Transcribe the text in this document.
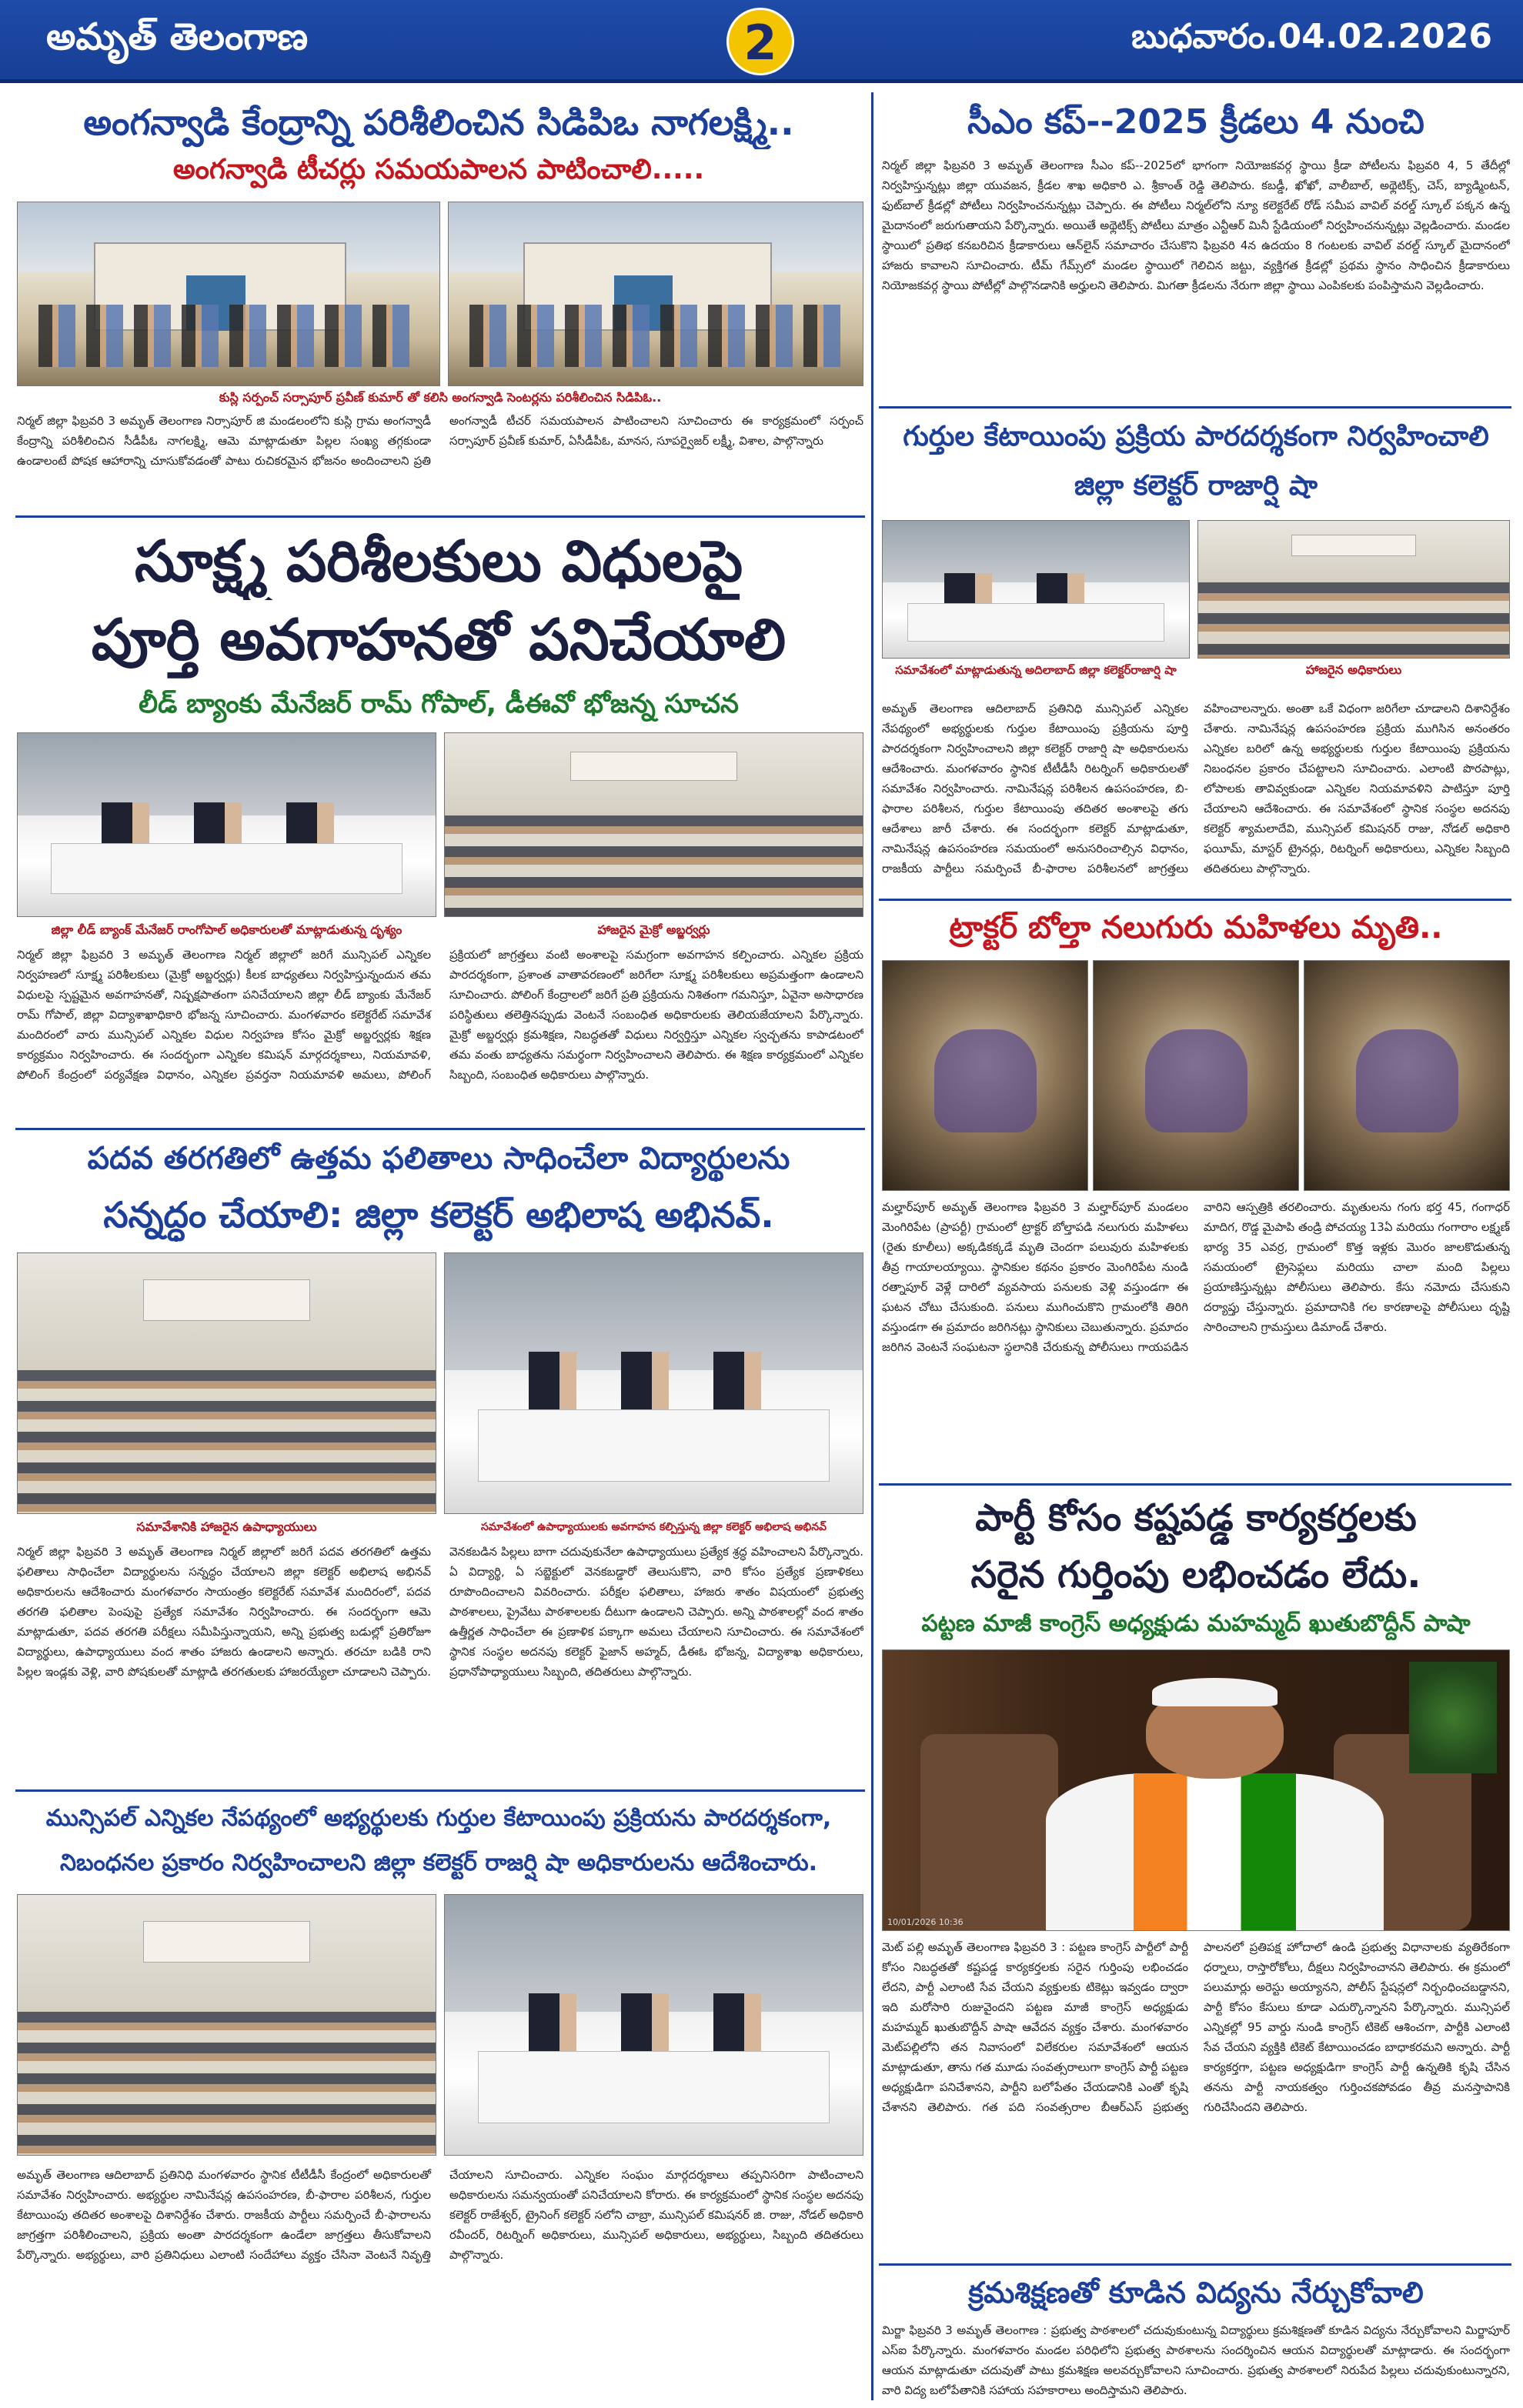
అమృత్ తెలంగాణ	2	బుధవారం.04.02.2026
అంగన్వాడి కేంద్రాన్ని పరిశీలించిన సిడిపిఒ నాగలక్ష్మి..
అంగన్వాడి టీచర్లు సమయపాలన పాటించాలి.....
కుస్లి సర్పంచ్ సర్సాపూర్ ప్రవీణ్ కుమార్ తో కలిసి అంగన్వాడి సెంటర్లను పరిశీలించిన సిడిపిఓ..
నిర్మల్ జిల్లా ఫిబ్రవరి 3 అమృత్ తెలంగాణ నిర్సాపూర్ జి మండలంలోని కుస్లి గ్రామ అంగన్వాడీ కేంద్రాన్ని పరిశీలించిన సీడీపీఓ నాగలక్ష్మి, ఆమె మాట్లాడుతూ పిల్లల సంఖ్య తగ్గకుండా ఉండాలంటే పోషక ఆహారాన్ని చూసుకోవడంతో పాటు రుచికరమైన భోజనం అందించాలని ప్రతి అంగన్వాడీ టీచర్ సమయపాలన పాటించాలని సూచించారు ఈ కార్యక్రమంలో సర్పంచ్ సర్సాపూర్ ప్రవీణ్ కుమార్, ఏసీడీపీఓ, మానస, సూపర్వైజర్ లక్ష్మీ, విశాల, పాల్గొన్నారు
సూక్ష్మ పరిశీలకులు విధులపై
పూర్తి అవగాహనతో పనిచేయాలి
లీడ్ బ్యాంకు మేనేజర్ రామ్ గోపాల్, డీఈవో భోజన్న సూచన
జిల్లా లీడ్ బ్యాంక్ మేనేజర్ రాంగోపాల్ అధికారులతో మాట్లాడుతున్న దృశ్యం	హాజరైన మైక్రో అబ్జర్వర్లు
నిర్మల్ జిల్లా ఫిబ్రవరి 3 అమృత్ తెలంగాణ నిర్మల్ జిల్లాలో జరిగే మున్సిపల్ ఎన్నికల నిర్వహణలో సూక్ష్మ పరిశీలకులు (మైక్రో అబ్జర్వర్లు) కీలక బాధ్యతలు నిర్వహిస్తున్నందున తమ విధులపై స్పష్టమైన అవగాహనతో, నిష్పక్షపాతంగా పనిచేయాలని జిల్లా లీడ్ బ్యాంకు మేనేజర్ రామ్ గోపాల్, జిల్లా విద్యాశాఖాధికారి భోజన్న సూచించారు. మంగళవారం కలెక్టరేట్ సమావేశ మందిరంలో వారు మున్సిపల్ ఎన్నికల విధుల నిర్వహణ కోసం మైక్రో అబ్జర్వర్లకు శిక్షణ కార్యక్రమం నిర్వహించారు. ఈ సందర్భంగా ఎన్నికల కమిషన్ మార్గదర్శకాలు, నియమావళి, పోలింగ్ కేంద్రంలో పర్యవేక్షణ విధానం, ఎన్నికల ప్రవర్తనా నియమావళి అమలు, పోలింగ్ ప్రక్రియలో జాగ్రత్తలు వంటి అంశాలపై సమగ్రంగా అవగాహన కల్పించారు. ఎన్నికల ప్రక్రియ పారదర్శకంగా, ప్రశాంత వాతావరణంలో జరిగేలా సూక్ష్మ పరిశీలకులు అప్రమత్తంగా ఉండాలని సూచించారు. పోలింగ్ కేంద్రాలలో జరిగే ప్రతి ప్రక్రియను నిశితంగా గమనిస్తూ, ఏవైనా అసాధారణ పరిస్థితులు తలెత్తినప్పుడు వెంటనే సంబంధిత అధికారులకు తెలియజేయాలని పేర్కొన్నారు. మైక్రో అబ్జర్వర్లు క్రమశిక్షణ, నిబద్ధతతో విధులు నిర్వర్తిస్తూ ఎన్నికల స్వచ్ఛతను కాపాడటంలో తమ వంతు బాధ్యతను సమర్థంగా నిర్వహించాలని తెలిపారు. ఈ శిక్షణ కార్యక్రమంలో ఎన్నికల సిబ్బంది, సంబంధిత అధికారులు పాల్గొన్నారు.
పదవ తరగతిలో ఉత్తమ ఫలితాలు సాధించేలా విద్యార్థులను
సన్నద్ధం చేయాలి: జిల్లా కలెక్టర్ అభిలాష అభినవ్.
సమావేశానికి హాజరైన ఉపాధ్యాయులు	సమావేశంలో ఉపాధ్యాయులకు అవగాహన కల్పిస్తున్న జిల్లా కలెక్టర్ అభిలాష అభినవ్
నిర్మల్ జిల్లా ఫిబ్రవరి 3 అమృత్ తెలంగాణ నిర్మల్ జిల్లాలో జరిగే పదవ తరగతిలో ఉత్తమ ఫలితాలు సాధించేలా విద్యార్థులను సన్నద్ధం చేయాలని జిల్లా కలెక్టర్ అభిలాష అభినవ్ అధికారులను ఆదేశించారు మంగళవారం సాయంత్రం కలెక్టరేట్ సమావేశ మందిరంలో, పదవ తరగతి ఫలితాల పెంపుపై ప్రత్యేక సమావేశం నిర్వహించారు. ఈ సందర్భంగా ఆమె మాట్లాడుతూ, పదవ తరగతి పరీక్షలు సమీపిస్తున్నాయని, అన్ని ప్రభుత్వ బడుల్లో ప్రతిరోజూ విద్యార్థులు, ఉపాధ్యాయులు వంద శాతం హాజరు ఉండాలని అన్నారు. తరచూ బడికి రాని పిల్లల ఇండ్లకు వెళ్లి, వారి పోషకులతో మాట్లాడి తరగతులకు హాజరయ్యేలా చూడాలని చెప్పారు. వెనకబడిన పిల్లలు బాగా చదువుకునేలా ఉపాధ్యాయులు ప్రత్యేక శ్రద్ధ వహించాలని పేర్కొన్నారు. ఏ విద్యార్థి, ఏ సబ్జెక్టులో వెనకబడ్డారో తెలుసుకొని, వారి కోసం ప్రత్యేక ప్రణాళికలు రూపొందించాలని వివరించారు. పరీక్షల ఫలితాలు, హాజరు శాతం విషయంలో ప్రభుత్వ పాఠశాలలు, ప్రైవేటు పాఠశాలలకు దీటుగా ఉండాలని చెప్పారు. అన్ని పాఠశాలల్లో వంద శాతం ఉత్తీర్ణత సాధించేలా ఈ ప్రణాళిక పక్కాగా అమలు చేయాలని సూచించారు. ఈ సమావేశంలో స్థానిక సంస్థల అదనపు కలెక్టర్ ఫైజాన్ అహ్మద్, డీఈఓ భోజన్న, విద్యాశాఖ అధికారులు, ప్రధానోపాధ్యాయులు సిబ్బంది, తదితరులు పాల్గొన్నారు.
మున్సిపల్ ఎన్నికల నేపథ్యంలో అభ్యర్థులకు గుర్తుల కేటాయింపు ప్రక్రియను పారదర్శకంగా,
నిబంధనల ప్రకారం నిర్వహించాలని జిల్లా కలెక్టర్ రాజర్షి షా అధికారులను ఆదేశించారు.
అమృత్ తెలంగాణ ఆదిలాబాద్ ప్రతినిధి మంగళవారం స్థానిక టీటీడీసీ కేంద్రంలో అధికారులతో సమావేశం నిర్వహించారు. అభ్యర్థుల నామినేషన్ల ఉపసంహరణ, బీ-ఫారాల పరిశీలన, గుర్తుల కేటాయింపు తదితర అంశాలపై దిశానిర్దేశం చేశారు. రాజకీయ పార్టీలు సమర్పించే బీ-ఫారాలను జాగ్రత్తగా పరిశీలించాలని, ప్రక్రియ అంతా పారదర్శకంగా ఉండేలా జాగ్రత్తలు తీసుకోవాలని పేర్కొన్నారు. అభ్యర్థులు, వారి ప్రతినిధులు ఎలాంటి సందేహాలు వ్యక్తం చేసినా వెంటనే నివృత్తి చేయాలని సూచించారు. ఎన్నికల సంఘం మార్గదర్శకాలు తప్పనిసరిగా పాటించాలని అధికారులను సమన్వయంతో పనిచేయాలని కోరారు. ఈ కార్యక్రమంలో స్థానిక సంస్థల అదనపు కలెక్టర్ రాజేశ్వర్, ట్రైనింగ్ కలెక్టర్ సలోని చాబ్రా, మున్సిపల్ కమిషనర్ జి. రాజు, నోడల్ అధికారి రవీందర్, రిటర్నింగ్ అధికారులు, మున్సిపల్ అధికారులు, అభ్యర్థులు, సిబ్బంది తదితరులు పాల్గొన్నారు.
సీఎం కప్--2025 క్రీడలు 4 నుంచి
నిర్మల్ జిల్లా ఫిబ్రవరి 3 అమృత్ తెలంగాణ సీఎం కప్--2025లో భాగంగా నియోజకవర్గ స్థాయి క్రీడా పోటీలను ఫిబ్రవరి 4, 5 తేదీల్లో నిర్వహిస్తున్నట్లు జిల్లా యువజన, క్రీడల శాఖ అధికారి ఎ. శ్రీకాంత్ రెడ్డి తెలిపారు. కబడ్డీ, ఖోఖో, వాలీబాల్, అథ్లెటిక్స్, చెస్, బ్యాడ్మింటన్, ఫుట్‌బాల్ క్రీడల్లో పోటీలు నిర్వహించనున్నట్లు చెప్పారు. ఈ పోటీలు నిర్మల్‌లోని న్యూ కలెక్టరేట్ రోడ్ సమీప వావిల్ వరల్డ్ స్కూల్ పక్కన ఉన్న మైదానంలో జరుగుతాయని పేర్కొన్నారు. అయితే అథ్లెటిక్స్ పోటీలు మాత్రం ఎన్టీఆర్ మినీ స్టేడియంలో నిర్వహించనున్నట్లు వెల్లడించారు. మండల స్థాయిలో ప్రతిభ కనబరిచిన క్రీడాకారులు ఆన్‌లైన్ సమాచారం చేసుకొని ఫిబ్రవరి 4న ఉదయం 8 గంటలకు వావిల్ వరల్డ్ స్కూల్ మైదానంలో హాజరు కావాలని సూచించారు. టీమ్ గేమ్స్‌లో మండల స్థాయిలో గెలిచిన జట్టు, వ్యక్తిగత క్రీడల్లో ప్రథమ స్థానం సాధించిన క్రీడాకారులు నియోజకవర్గ స్థాయి పోటీల్లో పాల్గొనడానికి అర్హులని తెలిపారు. మిగతా క్రీడలను నేరుగా జిల్లా స్థాయి ఎంపికలకు పంపిస్తామని వెల్లడించారు.
గుర్తుల కేటాయింపు ప్రక్రియ పారదర్శకంగా నిర్వహించాలి జిల్లా కలెక్టర్ రాజార్షి షా
సమావేశంలో మాట్లాడుతున్న అదిలాబాద్ జిల్లా కలెక్టర్‌రాజార్షి షా	హాజరైన అధికారులు
అమృత్ తెలంగాణ ఆదిలాబాద్ ప్రతినిధి మున్సిపల్ ఎన్నికల నేపథ్యంలో అభ్యర్థులకు గుర్తుల కేటాయింపు ప్రక్రియను పూర్తి పారదర్శకంగా నిర్వహించాలని జిల్లా కలెక్టర్ రాజార్షి షా అధికారులను ఆదేశించారు. మంగళవారం స్థానిక టీటీడీసీ రిటర్నింగ్ అధికారులతో సమావేశం నిర్వహించారు. నామినేషన్ల పరిశీలన ఉపసంహరణ, బి-ఫారాల పరిశీలన, గుర్తుల కేటాయింపు తదితర అంశాలపై తగు ఆదేశాలు జారీ చేశారు. ఈ సందర్భంగా కలెక్టర్ మాట్లాడుతూ, నామినేషన్ల ఉపసంహరణ సమయంలో అనుసరించాల్సిన విధానం, రాజకీయ పార్టీలు సమర్పించే బీ-ఫారాల పరిశీలనలో జాగ్రత్తలు వహించాలన్నారు. అంతా ఒకే విధంగా జరిగేలా చూడాలని దిశానిర్దేశం చేశారు. నామినేషన్ల ఉపసంహరణ ప్రక్రియ ముగిసిన అనంతరం ఎన్నికల బరిలో ఉన్న అభ్యర్థులకు గుర్తుల కేటాయింపు ప్రక్రియను నిబంధనల ప్రకారం చేపట్టాలని సూచించారు. ఎలాంటి పొరపాట్లు, లోపాలకు తావివ్వకుండా ఎన్నికల నియమావళిని పాటిస్తూ పూర్తి చేయాలని ఆదేశించారు. ఈ సమావేశంలో స్థానిక సంస్థల అదనపు కలెక్టర్ శ్యామలాదేవి, మున్సిపల్ కమిషనర్ రాజు, నోడల్ అధికారి ఫయీమ్, మాస్టర్ ట్రైనర్లు, రిటర్నింగ్ అధికారులు, ఎన్నికల సిబ్బంది తదితరులు పాల్గొన్నారు.
ట్రాక్టర్ బోల్తా నలుగురు మహిళలు మృతి..
మల్హార్‌పూర్ అమృత్ తెలంగాణ ఫిబ్రవరి 3 మల్హార్‌పూర్ మండలం మెంగిరిపేట (ప్రాపర్టీ) గ్రామంలో ట్రాక్టర్ బోల్తాపడి నలుగురు మహిళలు (రైతు కూలీలు) అక్కడికక్కడే మృతి చెందగా పలువురు మహిళలకు తీవ్ర గాయాలయ్యాయి. స్థానికుల కథనం ప్రకారం మెంగిరిపేట నుండి రత్నాపూర్ వెళ్లే దారిలో వ్యవసాయ పనులకు వెళ్లి వస్తుండగా ఈ ఘటన చోటు చేసుకుంది. పనులు ముగించుకొని గ్రామంలోకి తిరిగి వస్తుండగా ఈ ప్రమాదం జరిగినట్లు స్థానికులు చెబుతున్నారు. ప్రమాదం జరిగిన వెంటనే సంఘటనా స్థలానికి చేరుకున్న పోలీసులు గాయపడిన వారిని ఆస్పత్రికి తరలించారు. మృతులను గంగు భర్త 45, గంగాధర్ మాదిగ, రొడ్డ మైపాపి తండ్రి పోచయ్య 13ఏ మరియు గంగారాం లక్ష్మణ్ భార్య 35 ఎవర్ర, గ్రామంలో కొత్త ఇళ్లకు మొరం జాలకొడుతున్న సమయంలో ట్రైసెఫ్లలు మరియు చాలా మంది పిల్లలు ప్రయాణిస్తున్నట్లు పోలీసులు తెలిపారు. కేసు నమోదు చేసుకుని దర్యాప్తు చేస్తున్నారు. ప్రమాదానికి గల కారణాలపై పోలీసులు దృష్టి సారించాలని గ్రామస్తులు డిమాండ్ చేశారు.
పార్టీ కోసం కష్టపడ్డ కార్యకర్తలకు
సరైన గుర్తింపు లభించడం లేదు.
పట్టణ మాజీ కాంగ్రెస్ అధ్యక్షుడు మహమ్మద్ ఖుతుబొద్దీన్ పాషా
10/01/2026 10:36
మెట్ పల్లి అమృత్ తెలంగాణ ఫిబ్రవరి 3 : పట్టణ కాంగ్రెస్ పార్టీలో పార్టీ కోసం నిబద్ధతతో కష్టపడ్డ కార్యకర్తలకు సరైన గుర్తింపు లభించడం లేదని, పార్టీ ఎలాంటి సేవ చేయని వ్యక్తులకు టికెట్లు ఇవ్వడం ద్వారా ఇది మరోసారి రుజువైందని పట్టణ మాజీ కాంగ్రెస్ అధ్యక్షుడు మహమ్మద్ ఖుతుబొద్దీన్ పాషా ఆవేదన వ్యక్తం చేశారు. మంగళవారం మెట్‌పల్లిలోని తన నివాసంలో విలేకరుల సమావేశంలో ఆయన మాట్లాడుతూ, తాను గత మూడు సంవత్సరాలుగా కాంగ్రెస్ పార్టీ పట్టణ అధ్యక్షుడిగా పనిచేశానని, పార్టీని బలోపేతం చేయడానికి ఎంతో కృషి చేశానని తెలిపారు. గత పది సంవత్సరాల బీఆర్ఎస్ ప్రభుత్వ పాలనలో ప్రతిపక్ష హోదాలో ఉండి ప్రభుత్వ విధానాలకు వ్యతిరేకంగా ధర్నాలు, రాస్తారోకోలు, దీక్షలు నిర్వహించానని తెలిపారు. ఈ క్రమంలో పలుమార్లు అరెస్టు అయ్యానని, పోలీస్ స్టేషన్లలో నిర్బంధించబడ్డానని, పార్టీ కోసం కేసులు కూడా ఎదుర్కొన్నానని పేర్కొన్నారు. మున్సిపల్ ఎన్నికల్లో 95 వార్డు నుండి కాంగ్రెస్ టికెట్ ఆశించగా, పార్టీకి ఎలాంటి సేవ చేయని వ్యక్తికి టికెట్ కేటాయించడం బాధాకరమని అన్నారు. పార్టీ కార్యకర్తగా, పట్టణ అధ్యక్షుడిగా కాంగ్రెస్ పార్టీ ఉన్నతికి కృషి చేసిన తనను పార్టీ నాయకత్వం గుర్తించకపోవడం తీవ్ర మనస్తాపానికి గురిచేసిందని తెలిపారు.
క్రమశిక్షణతో కూడిన విద్యను నేర్చుకోవాలి
మిర్జా ఫిబ్రవరి 3 అమృత్ తెలంగాణ : ప్రభుత్వ పాఠశాలలో చదువుకుంటున్న విద్యార్థులు క్రమశిక్షణతో కూడిన విద్యను నేర్చుకోవాలని మిర్జాపూర్ ఎస్ఐ పేర్కొన్నారు. మంగళవారం మండల పరిధిలోని ప్రభుత్వ పాఠశాలను సందర్శించిన ఆయన విద్యార్థులతో మాట్లాడారు. ఈ సందర్భంగా ఆయన మాట్లాడుతూ చదువుతో పాటు క్రమశిక్షణ అలవర్చుకోవాలని సూచించారు. ప్రభుత్వ పాఠశాలలో నిరుపేద పిల్లలు చదువుకుంటున్నారని, వారి విద్య బలోపేతానికి సహాయ సహకారాలు అందిస్తామని తెలిపారు.
